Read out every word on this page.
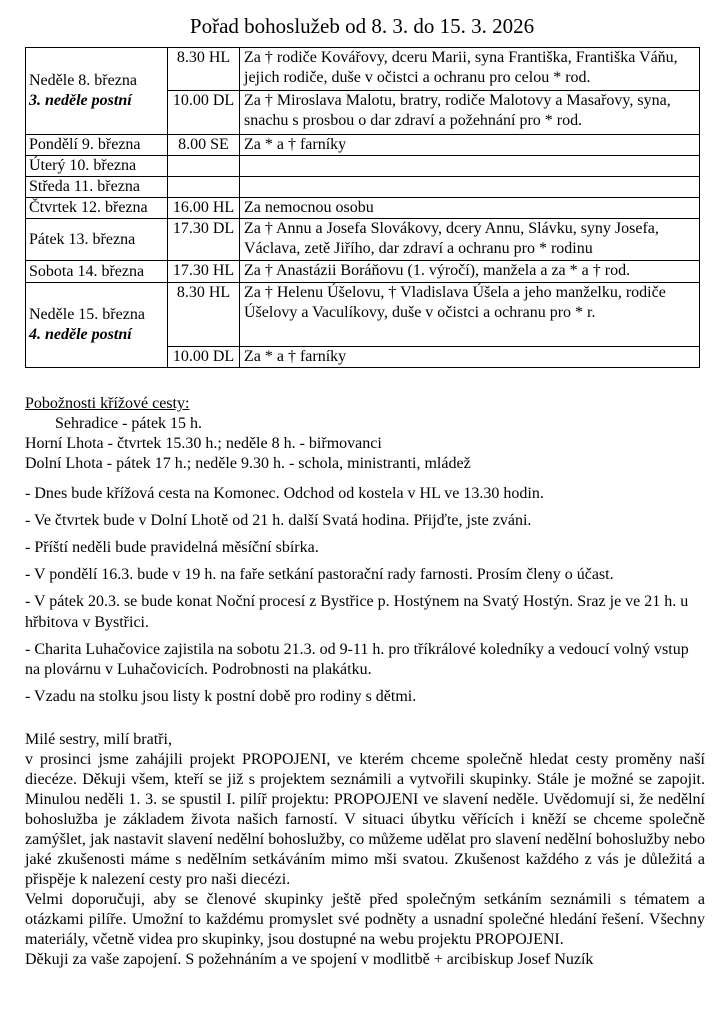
Pořad bohoslužeb od 8. 3. do 15. 3. 2026
Neděle 8. března
3. neděle postní	8.30 HL	Za † rodiče Kovářovy, dceru Marii, syna Františka, Františka Váňu, jejich rodiče, duše v očistci a ochranu pro celou * rod.
	10.00 DL	Za † Miroslava Malotu, bratry, rodiče Malotovy a Masařovy, syna, snachu s prosbou o dar zdraví a požehnání pro * rod.
Pondělí 9. března	8.00 SE	Za * a † farníky
Úterý 10. března		
Středa 11. března		
Čtvrtek 12. března	16.00 HL	Za nemocnou osobu
Pátek 13. března	17.30 DL	Za † Annu a Josefa Slovákovy, dcery Annu, Slávku, syny Josefa, Václava, zetě Jiřího, dar zdraví a ochranu pro * rodinu
Sobota 14. března	17.30 HL	Za † Anastázii Boráňovu (1. výročí), manžela a za * a † rod.

Neděle 15. března
4. neděle postní	8.30 HL	Za † Helenu Úšelovu, † Vladislava Úšela a jeho manželku, rodiče Úšelovy a Vaculíkovy, duše v očistci a ochranu pro * r.
	10.00 DL	Za * a † farníky
Pobožnosti křížové cesty:
Sehradice - pátek 15 h.
Horní Lhota - čtvrtek 15.30 h.; neděle 8 h. - biřmovanci
Dolní Lhota - pátek 17 h.; neděle 9.30 h. - schola, ministranti, mládež
- Dnes bude křížová cesta na Komonec. Odchod od kostela v HL ve 13.30 hodin.
- Ve čtvrtek bude v Dolní Lhotě od 21 h. další Svatá hodina. Přijďte, jste zváni.
- Příští neděli bude pravidelná měsíční sbírka.
- V pondělí 16.3. bude v 19 h. na faře setkání pastorační rady farnosti. Prosím členy o účast.
- V pátek 20.3. se bude konat Noční procesí z Bystřice p. Hostýnem na Svatý Hostýn. Sraz je ve 21 h. u hřbitova v Bystřici.
- Charita Luhačovice zajistila na sobotu 21.3. od 9-11 h. pro tříkrálové koledníky a vedoucí volný vstup na plovárnu v Luhačovicích. Podrobnosti na plakátku.
- Vzadu na stolku jsou listy k postní době pro rodiny s dětmi.

Milé sestry, milí bratři,

v prosinci jsme zahájili projekt PROPOJENI, ve kterém chceme společně hledat cesty proměny naší diecéze. Děkuji všem, kteří se již s projektem seznámili a vytvořili skupinky. Stále je možné se zapojit. Minulou neděli 1. 3. se spustil I. pilíř projektu: PROPOJENI ve slavení neděle. Uvědomují si, že nedělní bohoslužba je základem života našich farností. V situaci úbytku věřících i kněží se chceme společně zamýšlet, jak nastavit slavení nedělní bohoslužby, co můžeme udělat pro slavení nedělní bohoslužby nebo jaké zkušenosti máme s nedělním setkáváním mimo mši svatou. Zkušenost každého z vás je důležitá a přispěje k nalezení cesty pro naši diecézi.

Velmi doporučuji, aby se členové skupinky ještě před společným setkáním seznámili s tématem a otázkami pilíře. Umožní to každému promyslet své podněty a usnadní společné hledání řešení. Všechny materiály, včetně videa pro skupinky, jsou dostupné na webu projektu PROPOJENI.

Děkuji za vaše zapojení. S požehnáním a ve spojení v modlitbě + arcibiskup Josef Nuzík
